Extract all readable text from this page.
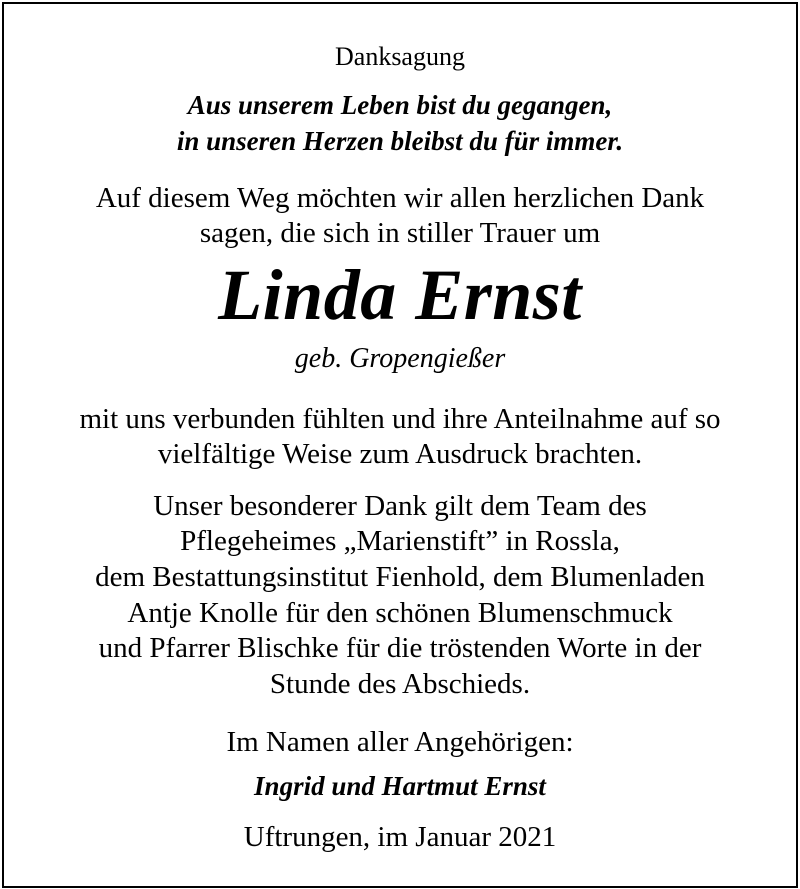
Danksagung
Aus unserem Leben bist du gegangen,
in unseren Herzen bleibst du für immer.
Auf diesem Weg möchten wir allen herzlichen Dank
sagen, die sich in stiller Trauer um
Linda Ernst
geb. Gropengießer
mit uns verbunden fühlten und ihre Anteilnahme auf so
vielfältige Weise zum Ausdruck brachten.
Unser besonderer Dank gilt dem Team des
Pflegeheimes „Marienstift” in Rossla,
dem Bestattungsinstitut Fienhold, dem Blumenladen
Antje Knolle für den schönen Blumenschmuck
und Pfarrer Blischke für die tröstenden Worte in der
Stunde des Abschieds.
Im Namen aller Angehörigen:
Ingrid und Hartmut Ernst
Uftrungen, im Januar 2021
